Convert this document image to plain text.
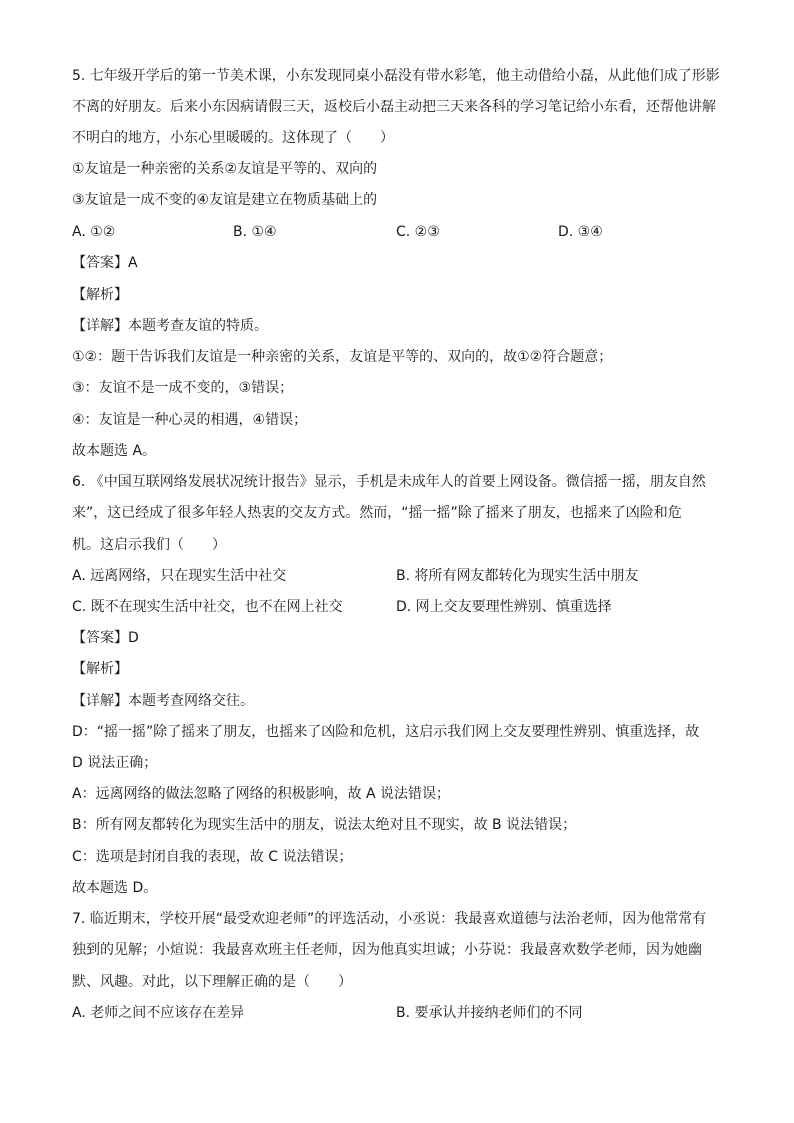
5. 七年级开学后的第一节美术课，小东发现同桌小磊没有带水彩笔，他主动借给小磊，从此他们成了形影
不离的好朋友。后来小东因病请假三天，返校后小磊主动把三天来各科的学习笔记给小东看，还帮他讲解
不明白的地方，小东心里暖暖的。这体现了（　　）
①友谊是一种亲密的关系②友谊是平等的、双向的
③友谊是一成不变的④友谊是建立在物质基础上的
A. ①②	B. ①④	C. ②③	D. ③④
【答案】A
【解析】
【详解】本题考查友谊的特质。
①②：题干告诉我们友谊是一种亲密的关系，友谊是平等的、双向的，故①②符合题意；
③：友谊不是一成不变的，③错误；
④：友谊是一种心灵的相遇，④错误；
故本题选 A。
6. 《中国互联网络发展状况统计报告》显示，手机是未成年人的首要上网设备。微信摇一摇，朋友自然
来”，这已经成了很多年轻人热衷的交友方式。然而，“摇一摇”除了摇来了朋友，也摇来了凶险和危
机。这启示我们（　　）
A. 远离网络，只在现实生活中社交	B. 将所有网友都转化为现实生活中朋友
C. 既不在现实生活中社交，也不在网上社交	D. 网上交友要理性辨别、慎重选择
【答案】D
【解析】
【详解】本题考查网络交往。
D：“摇一摇”除了摇来了朋友，也摇来了凶险和危机，这启示我们网上交友要理性辨别、慎重选择，故
D 说法正确；
A：远离网络的做法忽略了网络的积极影响，故 A 说法错误；
B：所有网友都转化为现实生活中的朋友，说法太绝对且不现实，故 B 说法错误；
C：选项是封闭自我的表现，故 C 说法错误；
故本题选 D。
7. 临近期末，学校开展“最受欢迎老师”的评选活动，小丞说：我最喜欢道德与法治老师，因为他常常有
独到的见解；小煊说：我最喜欢班主任老师，因为他真实坦诚；小芬说：我最喜欢数学老师，因为她幽
默、风趣。对此，以下理解正确的是（　　）
A. 老师之间不应该存在差异	B. 要承认并接纳老师们的不同
